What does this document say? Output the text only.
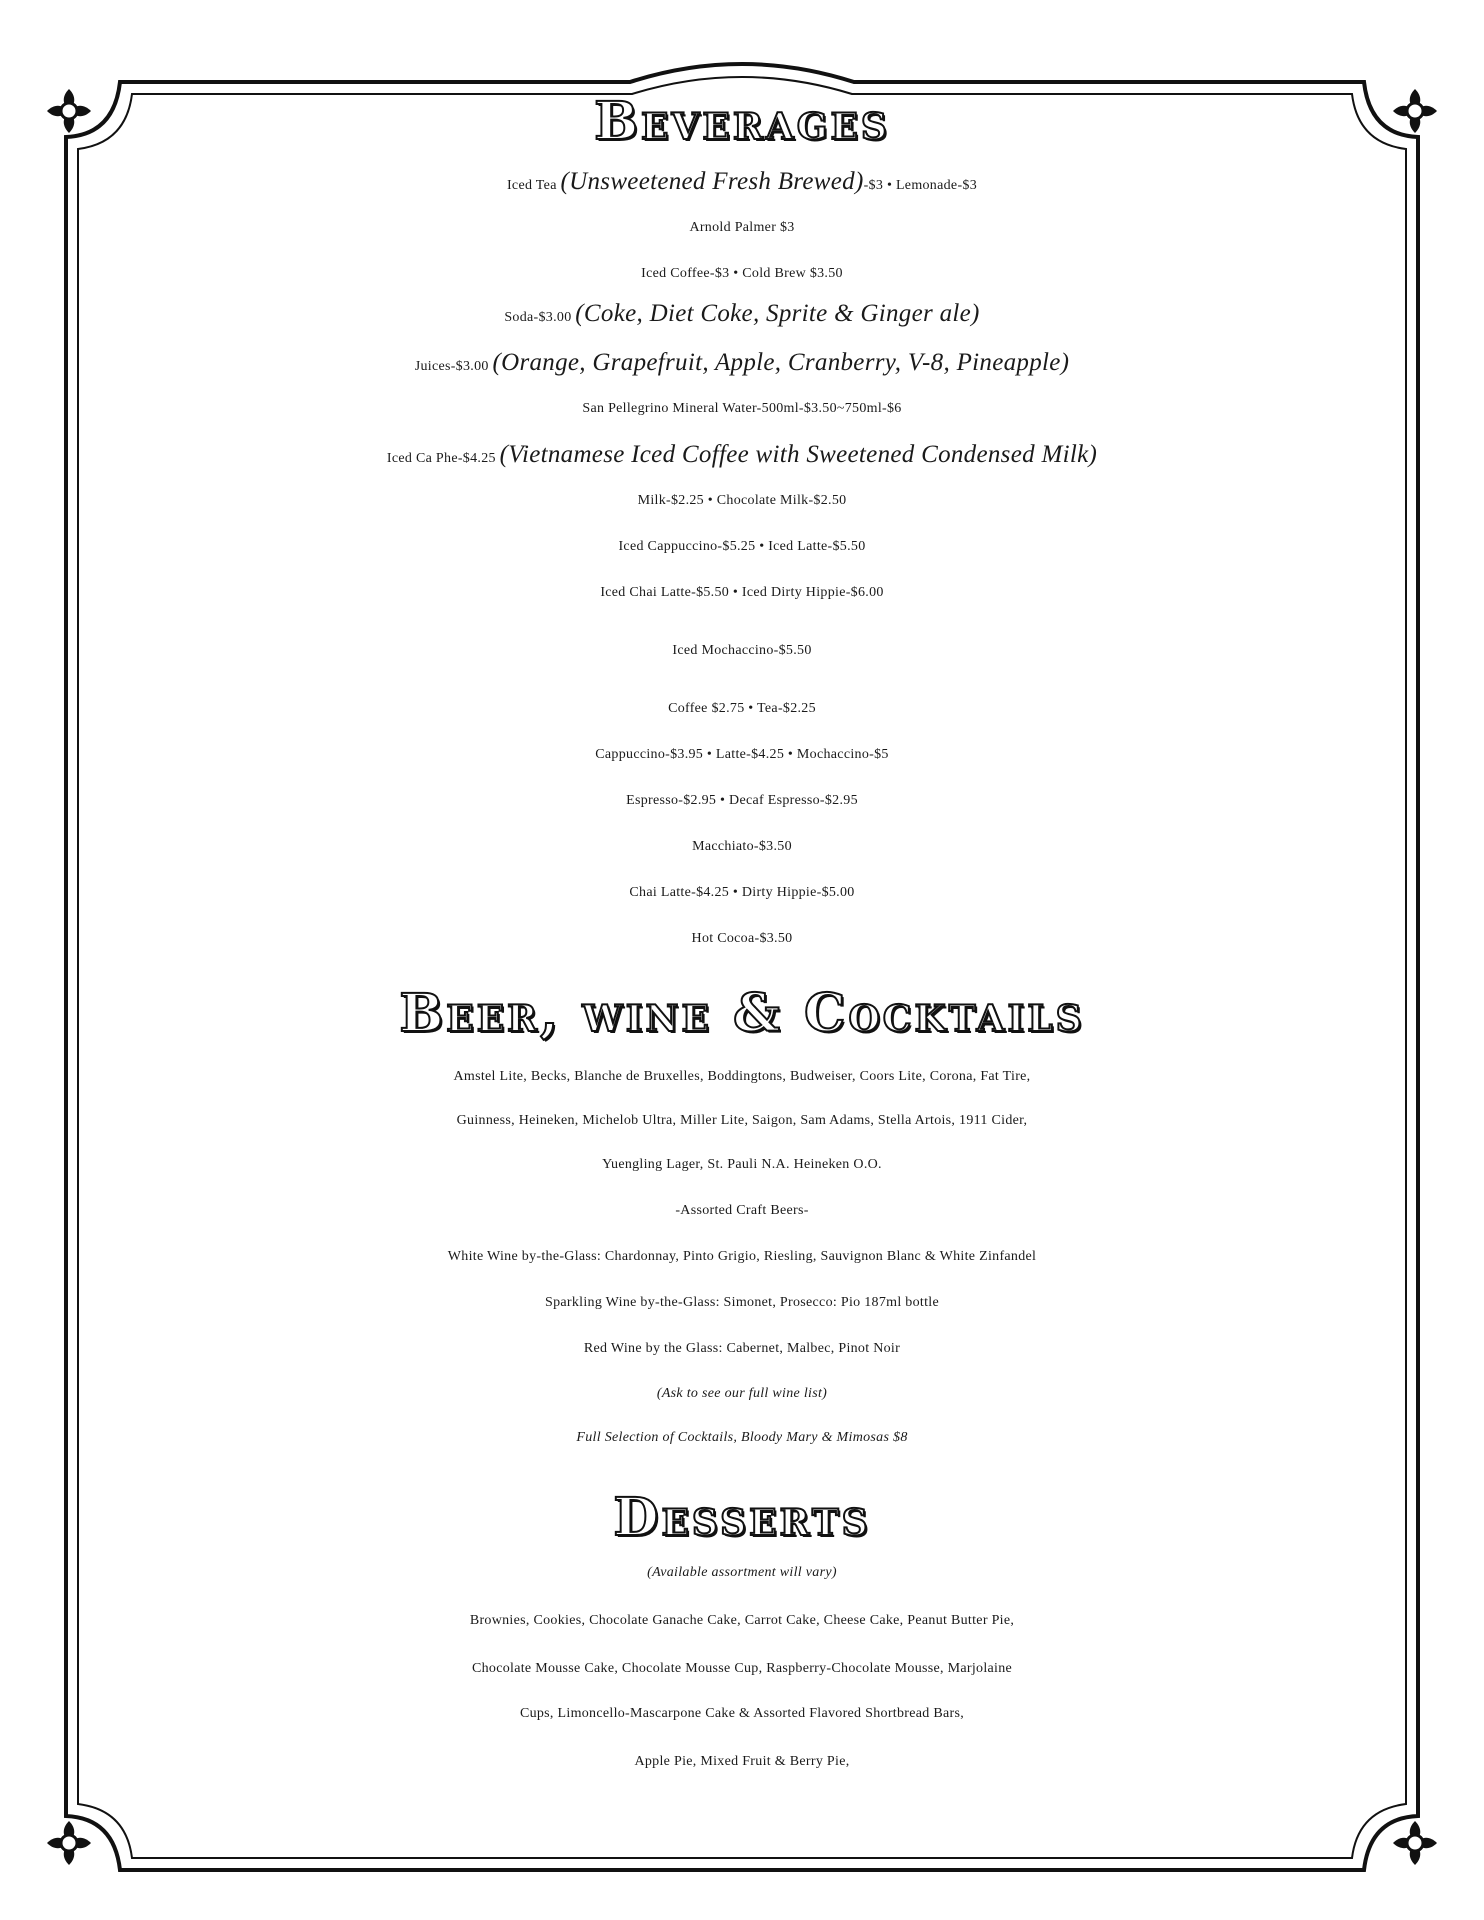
Beverages
Iced Tea (Unsweetened Fresh Brewed)-$3 • Lemonade-$3
Arnold Palmer $3
Iced Coffee-$3 • Cold Brew $3.50
Soda-$3.00 (Coke, Diet Coke, Sprite & Ginger ale)
Juices-$3.00 (Orange, Grapefruit, Apple, Cranberry, V-8, Pineapple)
San Pellegrino Mineral Water-500ml-$3.50~750ml-$6
Iced Ca Phe-$4.25 (Vietnamese Iced Coffee with Sweetened Condensed Milk)
Milk-$2.25 • Chocolate Milk-$2.50
Iced Cappuccino-$5.25 • Iced Latte-$5.50
Iced Chai Latte-$5.50 • Iced Dirty Hippie-$6.00
Iced Mochaccino-$5.50
Coffee $2.75 • Tea-$2.25
Cappuccino-$3.95 • Latte-$4.25 • Mochaccino-$5
Espresso-$2.95 • Decaf Espresso-$2.95
Macchiato-$3.50
Chai Latte-$4.25 • Dirty Hippie-$5.00
Hot Cocoa-$3.50
Beer, wine & Cocktails
Amstel Lite, Becks, Blanche de Bruxelles, Boddingtons, Budweiser, Coors Lite, Corona, Fat Tire,
Guinness, Heineken, Michelob Ultra, Miller Lite, Saigon, Sam Adams, Stella Artois, 1911 Cider,
Yuengling Lager, St. Pauli N.A. Heineken O.O.
-Assorted Craft Beers-
White Wine by-the-Glass: Chardonnay, Pinto Grigio, Riesling, Sauvignon Blanc & White Zinfandel
Sparkling Wine by-the-Glass: Simonet, Prosecco: Pio 187ml bottle
Red Wine by the Glass: Cabernet, Malbec, Pinot Noir
(Ask to see our full wine list)
Full Selection of Cocktails, Bloody Mary & Mimosas $8
Desserts
(Available assortment will vary)
Brownies, Cookies, Chocolate Ganache Cake, Carrot Cake, Cheese Cake, Peanut Butter Pie,
Chocolate Mousse Cake, Chocolate Mousse Cup, Raspberry-Chocolate Mousse, Marjolaine
Cups, Limoncello-Mascarpone Cake & Assorted Flavored Shortbread Bars,
Apple Pie, Mixed Fruit & Berry Pie,
